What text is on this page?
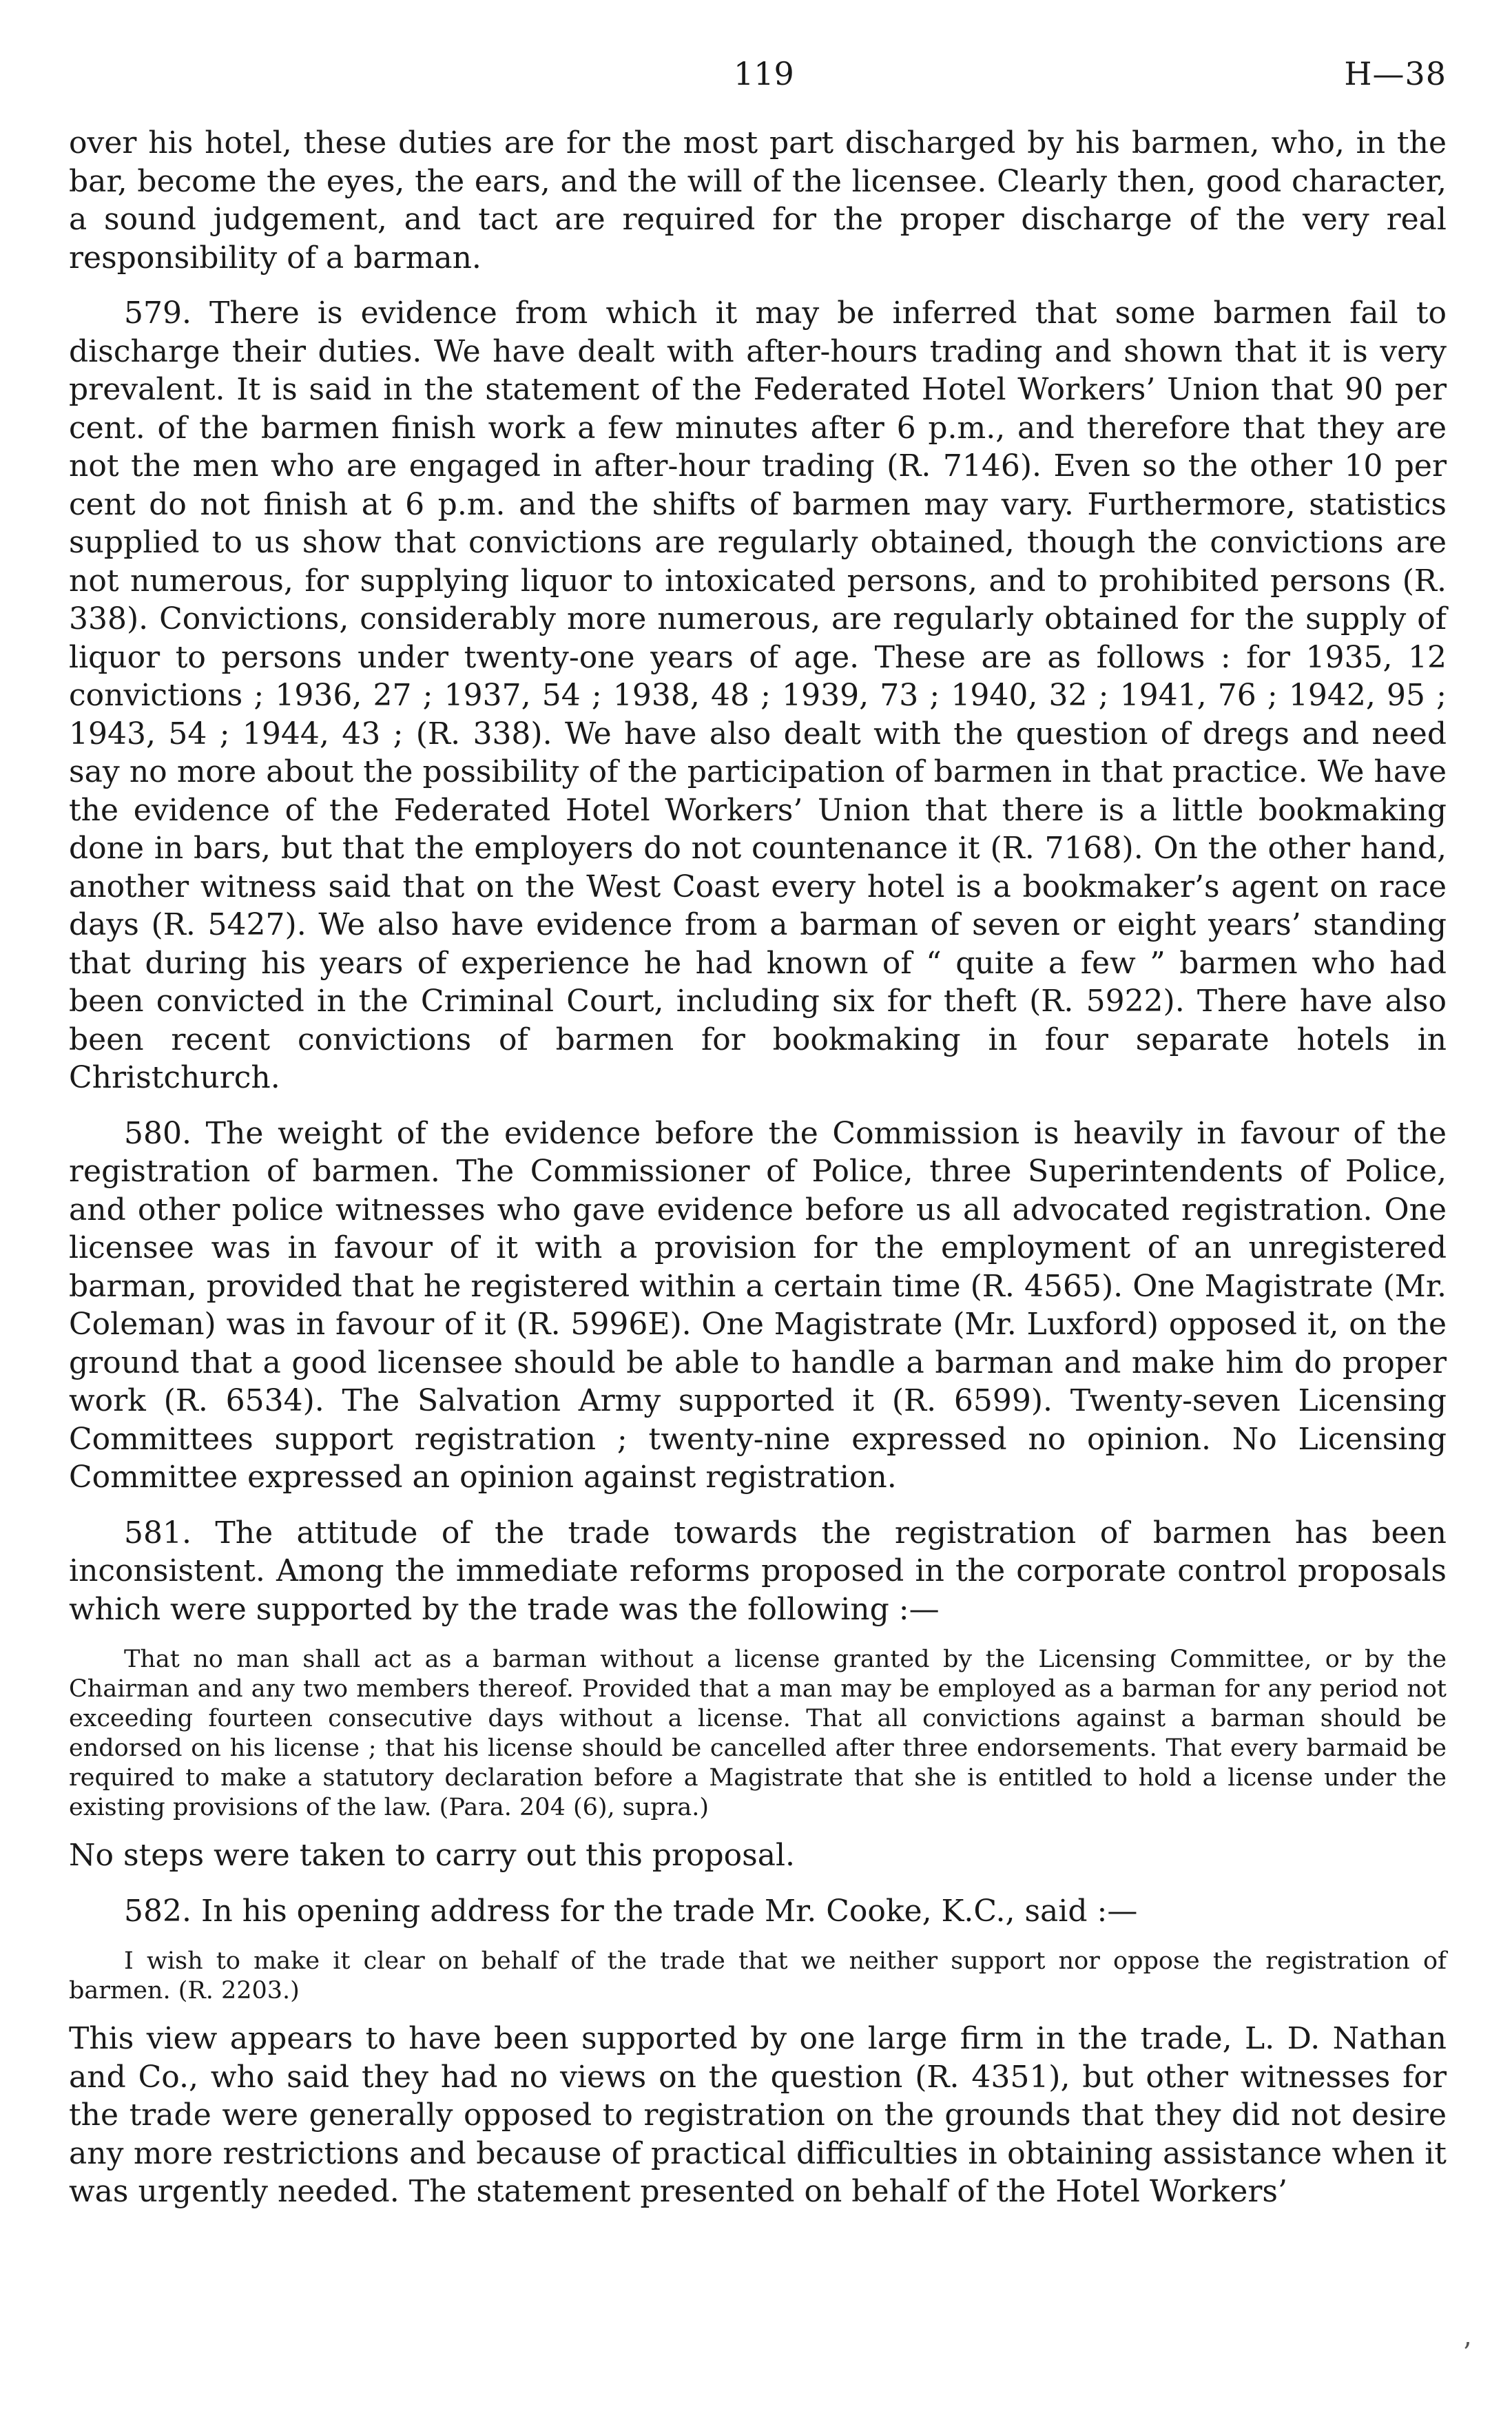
119	H—38

over his hotel, these duties are for the most part discharged by his barmen, who, in the bar, become the eyes, the ears, and the will of the licensee. Clearly then, good character, a sound judgement, and tact are required for the proper discharge of the very real responsibility of a barman.

579. There is evidence from which it may be inferred that some barmen fail to discharge their duties. We have dealt with after-hours trading and shown that it is very prevalent. It is said in the statement of the Federated Hotel Workers’ Union that 90 per cent. of the barmen finish work a few minutes after 6 p.m., and therefore that they are not the men who are engaged in after-hour trading (R. 7146). Even so the other 10 per cent do not finish at 6 p.m. and the shifts of barmen may vary. Furthermore, statistics supplied to us show that convictions are regularly obtained, though the convictions are not numerous, for supplying liquor to intoxicated persons, and to prohibited persons (R. 338). Convictions, considerably more numerous, are regularly obtained for the supply of liquor to persons under twenty-one years of age. These are as follows : for 1935, 12 convictions ; 1936, 27 ; 1937, 54 ; 1938, 48 ; 1939, 73 ; 1940, 32 ; 1941, 76 ; 1942, 95 ; 1943, 54 ; 1944, 43 ; (R. 338). We have also dealt with the question of dregs and need say no more about the possibility of the participation of barmen in that practice. We have the evidence of the Federated Hotel Workers’ Union that there is a little bookmaking done in bars, but that the employers do not countenance it (R. 7168). On the other hand, another witness said that on the West Coast every hotel is a bookmaker’s agent on race days (R. 5427). We also have evidence from a barman of seven or eight years’ standing that during his years of experience he had known of “ quite a few ” barmen who had been convicted in the Criminal Court, including six for theft (R. 5922). There have also been recent convictions of barmen for bookmaking in four separate hotels in Christchurch.

580. The weight of the evidence before the Commission is heavily in favour of the registration of barmen. The Commissioner of Police, three Superintendents of Police, and other police witnesses who gave evidence before us all advocated registration. One licensee was in favour of it with a provision for the employment of an unregistered barman, provided that he registered within a certain time (R. 4565). One Magistrate (Mr. Coleman) was in favour of it (R. 5996E). One Magistrate (Mr. Luxford) opposed it, on the ground that a good licensee should be able to handle a barman and make him do proper work (R. 6534). The Salvation Army supported it (R. 6599). Twenty-seven Licensing Committees support registration ; twenty-nine expressed no opinion. No Licensing Committee expressed an opinion against registration.

581. The attitude of the trade towards the registration of barmen has been inconsistent. Among the immediate reforms proposed in the corporate control proposals which were supported by the trade was the following :—

That no man shall act as a barman without a license granted by the Licensing Committee, or by the Chairman and any two members thereof. Provided that a man may be employed as a barman for any period not exceeding fourteen consecutive days without a license. That all convictions against a barman should be endorsed on his license ; that his license should be cancelled after three endorsements. That every barmaid be required to make a statutory declaration before a Magistrate that she is entitled to hold a license under the existing provisions of the law. (Para. 204 (6), supra.)

No steps were taken to carry out this proposal.

582. In his opening address for the trade Mr. Cooke, K.C., said :—

I wish to make it clear on behalf of the trade that we neither support nor oppose the registration of barmen. (R. 2203.)

This view appears to have been supported by one large firm in the trade, L. D. Nathan and Co., who said they had no views on the question (R. 4351), but other witnesses for the trade were generally opposed to registration on the grounds that they did not desire any more restrictions and because of practical difficulties in obtaining assistance when it was urgently needed. The statement presented on behalf of the Hotel Workers’

ʼ
